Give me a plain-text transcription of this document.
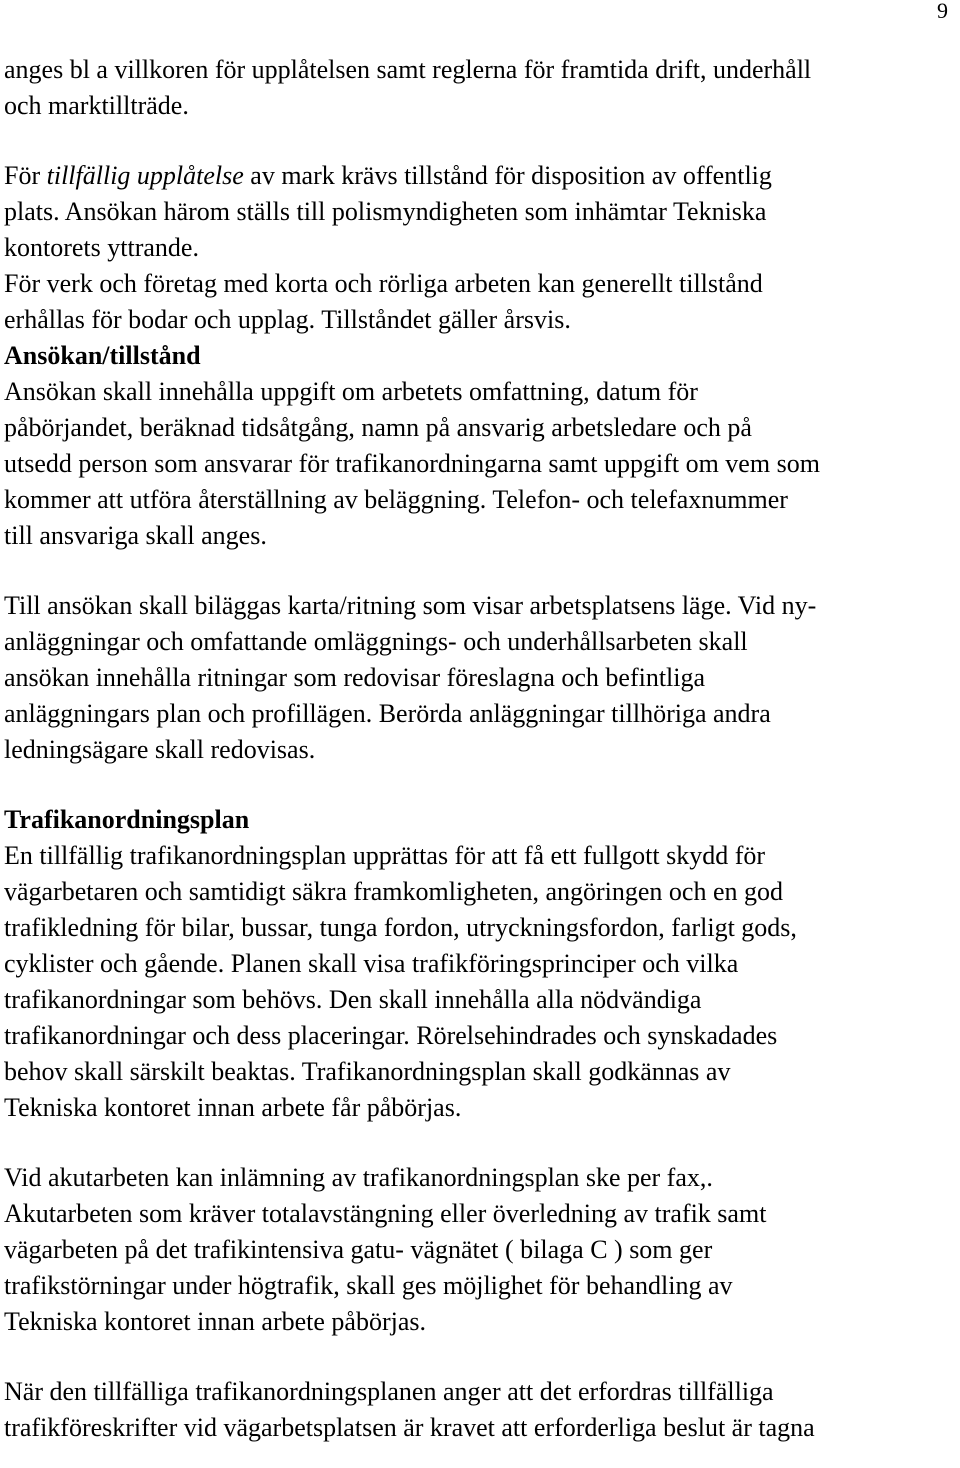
9
anges bl a villkoren för upplåtelsen samt reglerna för framtida drift, underhåll
och marktillträde.
För tillfällig upplåtelse av mark krävs tillstånd för disposition av offentlig
plats. Ansökan härom ställs till polismyndigheten som inhämtar Tekniska
kontorets yttrande.
För verk och företag med korta och rörliga arbeten kan generellt tillstånd
erhållas för bodar och upplag. Tillståndet gäller årsvis.
Ansökan/tillstånd
Ansökan skall innehålla uppgift om arbetets omfattning, datum för
påbörjandet, beräknad tidsåtgång, namn på ansvarig arbetsledare och på
utsedd person som ansvarar för trafikanordningarna samt uppgift om vem som
kommer att utföra återställning av beläggning. Telefon- och telefaxnummer
till ansvariga skall anges.
Till ansökan skall biläggas karta/ritning som visar arbetsplatsens läge. Vid ny-
anläggningar och omfattande omläggnings- och underhållsarbeten skall
ansökan innehålla ritningar som redovisar föreslagna och befintliga
anläggningars plan och profillägen. Berörda anläggningar tillhöriga andra
ledningsägare skall redovisas.
Trafikanordningsplan
En tillfällig trafikanordningsplan upprättas för att få ett fullgott skydd för
vägarbetaren och samtidigt säkra framkomligheten, angöringen och en god
trafikledning för bilar, bussar, tunga fordon, utryckningsfordon, farligt gods,
cyklister och gående. Planen skall visa trafikföringsprinciper och vilka
trafikanordningar som behövs. Den skall innehålla alla nödvändiga
trafikanordningar och dess placeringar. Rörelsehindrades och synskadades
behov skall särskilt beaktas. Trafikanordningsplan skall godkännas av
Tekniska kontoret innan arbete får påbörjas.
Vid akutarbeten kan inlämning av trafikanordningsplan ske per fax,.
Akutarbeten som kräver totalavstängning eller överledning av trafik samt
vägarbeten på det trafikintensiva gatu- vägnätet ( bilaga C ) som ger
trafikstörningar under högtrafik, skall ges möjlighet för behandling av
Tekniska kontoret innan arbete påbörjas.
När den tillfälliga trafikanordningsplanen anger att det erfordras tillfälliga
trafikföreskrifter vid vägarbetsplatsen är kravet att erforderliga beslut är tagna
